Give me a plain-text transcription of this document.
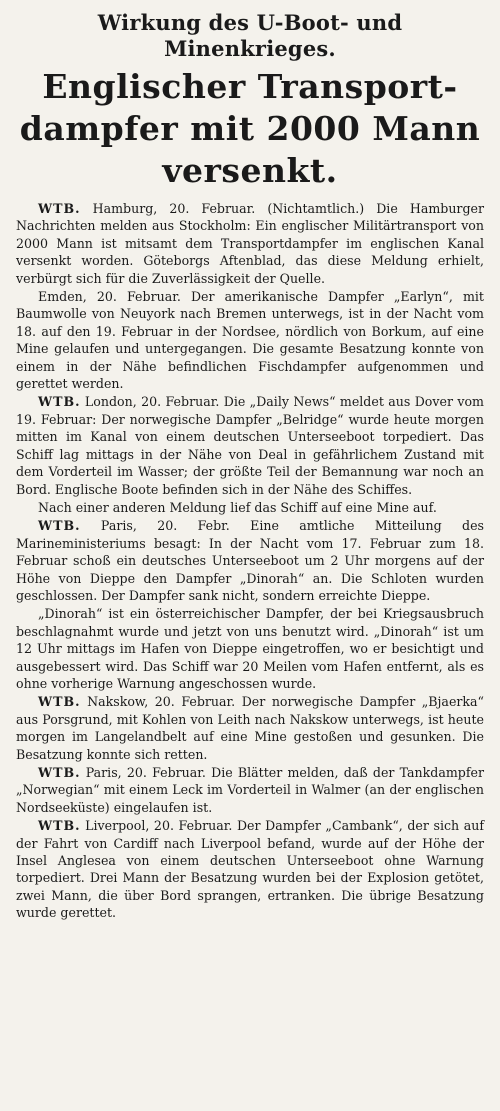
Wirkung des U-Boot- und Minenkrieges.
Englischer Transport-
dampfer mit 2000 Mann
versenkt.

WTB. Hamburg, 20. Februar. (Nichtamtlich.) Die Hamburger Nachrichten melden aus Stockholm: Ein englischer Militärtransport von 2000 Mann ist mitsamt dem Transportdampfer im englischen Kanal versenkt worden. Göteborgs Aftenblad, das diese Meldung erhielt, verbürgt sich für die Zuverlässigkeit der Quelle.

Emden, 20. Februar. Der amerikanische Dampfer „Earlyn“, mit Baumwolle von Neuyork nach Bremen unterwegs, ist in der Nacht vom 18. auf den 19. Februar in der Nordsee, nördlich von Borkum, auf eine Mine gelaufen und untergegangen. Die gesamte Besatzung konnte von einem in der Nähe befindlichen Fischdampfer aufgenommen und gerettet werden.

WTB. London, 20. Februar. Die „Daily News“ meldet aus Dover vom 19. Februar: Der norwegische Dampfer „Belridge“ wurde heute morgen mitten im Kanal von einem deutschen Unterseeboot torpediert. Das Schiff lag mittags in der Nähe von Deal in gefährlichem Zustand mit dem Vorderteil im Wasser; der größte Teil der Bemannung war noch an Bord. Englische Boote befinden sich in der Nähe des Schiffes.

Nach einer anderen Meldung lief das Schiff auf eine Mine auf.

WTB. Paris, 20. Febr. Eine amtliche Mitteilung des Marineministeriums besagt: In der Nacht vom 17. Februar zum 18. Februar schoß ein deutsches Unterseeboot um 2 Uhr morgens auf der Höhe von Dieppe den Dampfer „Dinorah“ an. Die Schloten wurden geschlossen. Der Dampfer sank nicht, sondern erreichte Dieppe.

„Dinorah“ ist ein österreichischer Dampfer, der bei Kriegsausbruch beschlagnahmt wurde und jetzt von uns benutzt wird. „Dinorah“ ist um 12 Uhr mittags im Hafen von Dieppe eingetroffen, wo er besichtigt und ausgebessert wird. Das Schiff war 20 Meilen vom Hafen entfernt, als es ohne vorherige Warnung angeschossen wurde.

WTB. Nakskow, 20. Februar. Der norwegische Dampfer „Bjaerka“ aus Porsgrund, mit Kohlen von Leith nach Nakskow unterwegs, ist heute morgen im Langelandbelt auf eine Mine gestoßen und gesunken. Die Besatzung konnte sich retten.

WTB. Paris, 20. Februar. Die Blätter melden, daß der Tankdampfer „Norwegian“ mit einem Leck im Vorderteil in Walmer (an der englischen Nordseeküste) eingelaufen ist.

WTB. Liverpool, 20. Februar. Der Dampfer „Cambank“, der sich auf der Fahrt von Cardiff nach Liverpool befand, wurde auf der Höhe der Insel Anglesea von einem deutschen Unterseeboot ohne Warnung torpediert. Drei Mann der Besatzung wurden bei der Explosion getötet, zwei Mann, die über Bord sprangen, ertranken. Die übrige Besatzung wurde gerettet.
